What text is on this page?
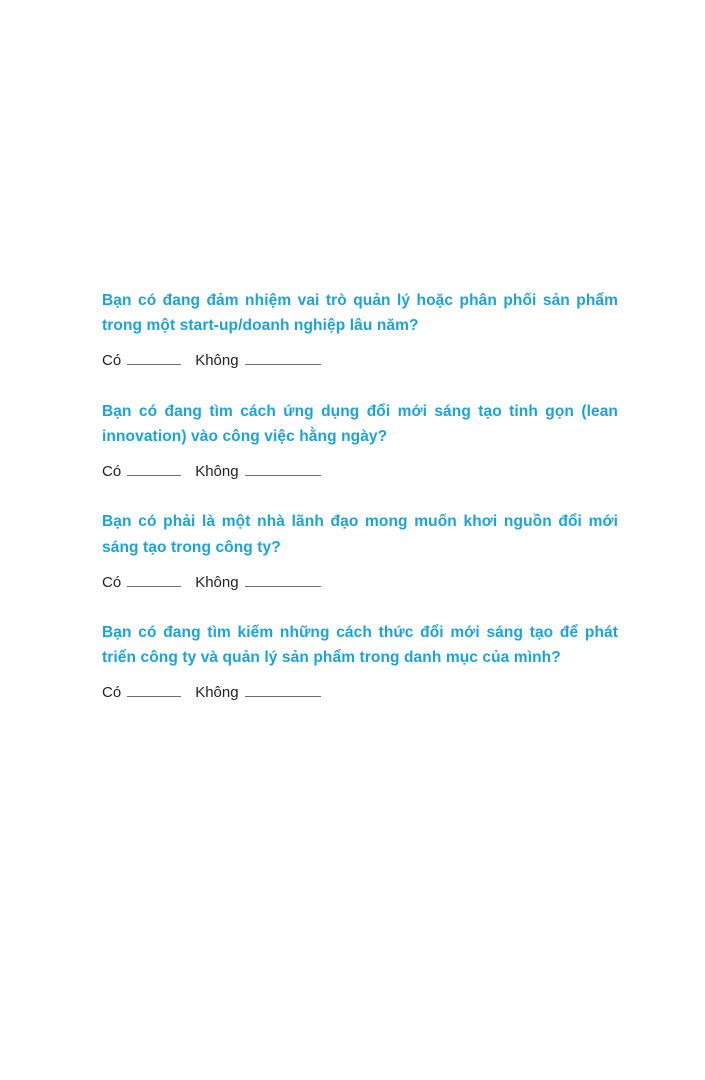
Bạn có đang đảm nhiệm vai trò quản lý hoặc phân phối sản phẩm trong một start-up/doanh nghiệp lâu năm?

Có	Không

Bạn có đang tìm cách ứng dụng đổi mới sáng tạo tinh gọn (lean innovation) vào công việc hằng ngày?

Có	Không

Bạn có phải là một nhà lãnh đạo mong muốn khơi nguồn đổi mới sáng tạo trong công ty?

Có	Không

Bạn có đang tìm kiếm những cách thức đổi mới sáng tạo để phát triển công ty và quản lý sản phẩm trong danh mục của mình?

Có	Không
